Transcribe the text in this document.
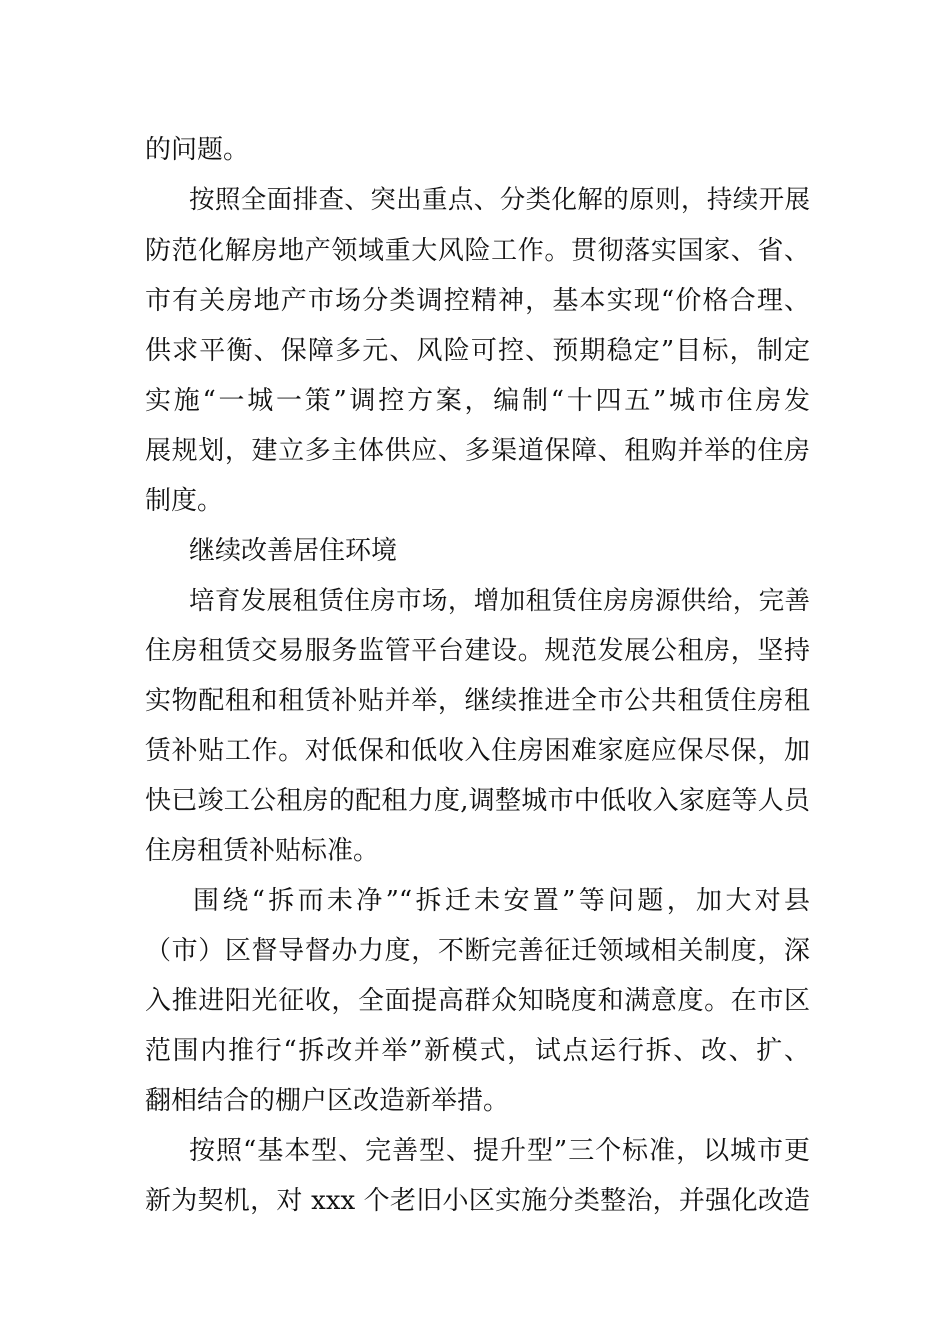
的问题。
按照全面排查、突出重点、分类化解的原则，持续开展
防范化解房地产领域重大风险工作。贯彻落实国家、省、
市有关房地产市场分类调控精神，基本实现“价格合理、
供求平衡、保障多元、风险可控、预期稳定”目标，制定
实施“一城一策”调控方案，编制“十四五”城市住房发
展规划，建立多主体供应、多渠道保障、租购并举的住房
制度。
继续改善居住环境
培育发展租赁住房市场，增加租赁住房房源供给，完善
住房租赁交易服务监管平台建设。规范发展公租房，坚持
实物配租和租赁补贴并举，继续推进全市公共租赁住房租
赁补贴工作。对低保和低收入住房困难家庭应保尽保，加
快已竣工公租房的配租力度,调整城市中低收入家庭等人员
住房租赁补贴标准。
围绕“拆而未净”“拆迁未安置”等问题，加大对县
（市）区督导督办力度，不断完善征迁领域相关制度，深
入推进阳光征收，全面提高群众知晓度和满意度。在市区
范围内推行“拆改并举”新模式，试点运行拆、改、扩、
翻相结合的棚户区改造新举措。
按照“基本型、完善型、提升型”三个标准，以城市更
新为契机，对 xxx 个老旧小区实施分类整治，并强化改造
